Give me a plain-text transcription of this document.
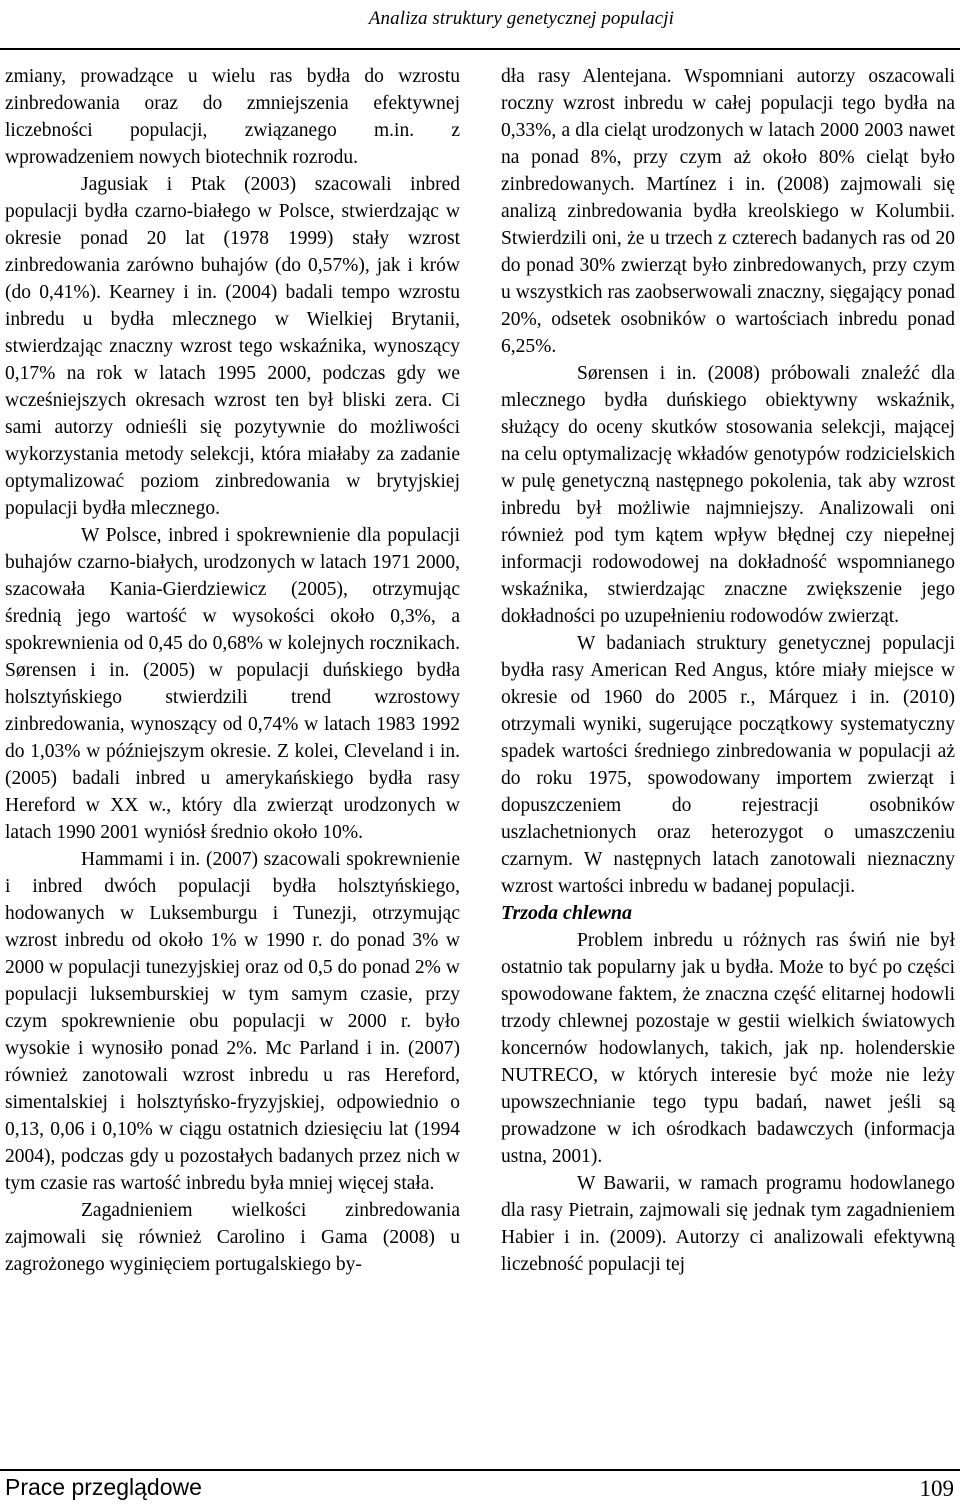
Analiza struktury genetycznej populacji

zmiany, prowadzące u wielu ras bydła do wzrostu zinbredowania oraz do zmniejszenia efektywnej liczebności populacji, związanego m.in. z wprowadzeniem nowych biotechnik rozrodu.

Jagusiak i Ptak (2003) szacowali inbred populacji bydła czarno-białego w Polsce, stwierdzając w okresie ponad 20 lat (1978 1999) stały wzrost zinbredowania zarówno buhajów (do 0,57%), jak i krów (do 0,41%). Kearney i in. (2004) badali tempo wzrostu inbredu u bydła mlecznego w Wielkiej Brytanii, stwierdzając znaczny wzrost tego wskaźnika, wynoszący 0,17% na rok w latach 1995 2000, podczas gdy we wcześniejszych okresach wzrost ten był bliski zera. Ci sami autorzy odnieśli się pozytywnie do możliwości wykorzystania metody selekcji, która miałaby za zadanie optymalizować poziom zinbredowania w brytyjskiej populacji bydła mlecznego.

W Polsce, inbred i spokrewnienie dla populacji buhajów czarno-białych, urodzonych w latach 1971 2000, szacowała Kania-Gierdziewicz (2005), otrzymując średnią jego wartość w wysokości około 0,3%, a spokrewnienia od 0,45 do 0,68% w kolejnych rocznikach. Sørensen i in. (2005) w populacji duńskiego bydła holsztyńskiego stwierdzili trend wzrostowy zinbredowania, wynoszący od 0,74% w latach 1983 1992 do 1,03% w późniejszym okresie. Z kolei, Cleveland i in. (2005) badali inbred u amerykańskiego bydła rasy Hereford w XX w., który dla zwierząt urodzonych w latach 1990 2001 wyniósł średnio około 10%.

Hammami i in. (2007) szacowali spokrewnienie i inbred dwóch populacji bydła holsztyńskiego, hodowanych w Luksemburgu i Tunezji, otrzymując wzrost inbredu od około 1% w 1990 r. do ponad 3% w 2000 w populacji tunezyjskiej oraz od 0,5 do ponad 2% w populacji luksemburskiej w tym samym czasie, przy czym spokrewnienie obu populacji w 2000 r. było wysokie i wynosiło ponad 2%. Mc Parland i in. (2007) również zanotowali wzrost inbredu u ras Hereford, simentalskiej i holsztyńsko-fryzyjskiej, odpowiednio o 0,13, 0,06 i 0,10% w ciągu ostatnich dziesięciu lat (1994 2004), podczas gdy u pozostałych badanych przez nich w tym czasie ras wartość inbredu była mniej więcej stała.

Zagadnieniem wielkości zinbredowania zajmowali się również Carolino i Gama (2008) u zagrożonego wyginięciem portugalskiego by-

dła rasy Alentejana. Wspomniani autorzy oszacowali roczny wzrost inbredu w całej populacji tego bydła na 0,33%, a dla cieląt urodzonych w latach 2000 2003 nawet na ponad 8%, przy czym aż około 80% cieląt było zinbredowanych. Martínez i in. (2008) zajmowali się analizą zinbredowania bydła kreolskiego w Kolumbii. Stwierdzili oni, że u trzech z czterech badanych ras od 20 do ponad 30% zwierząt było zinbredowanych, przy czym u wszystkich ras zaobserwowali znaczny, sięgający ponad 20%, odsetek osobników o wartościach inbredu ponad 6,25%.

Sørensen i in. (2008) próbowali znaleźć dla mlecznego bydła duńskiego obiektywny wskaźnik, służący do oceny skutków stosowania selekcji, mającej na celu optymalizację wkładów genotypów rodzicielskich w pulę genetyczną następnego pokolenia, tak aby wzrost inbredu był możliwie najmniejszy. Analizowali oni również pod tym kątem wpływ błędnej czy niepełnej informacji rodowodowej na dokładność wspomnianego wskaźnika, stwierdzając znaczne zwiększenie jego dokładności po uzupełnieniu rodowodów zwierząt.

W badaniach struktury genetycznej populacji bydła rasy American Red Angus, które miały miejsce w okresie od 1960 do 2005 r., Márquez i in. (2010) otrzymali wyniki, sugerujące początkowy systematyczny spadek wartości średniego zinbredowania w populacji aż do roku 1975, spowodowany importem zwierząt i dopuszczeniem do rejestracji osobników uszlachetnionych oraz heterozygot o umaszczeniu czarnym. W następnych latach zanotowali nieznaczny wzrost wartości inbredu w badanej populacji.

Trzoda chlewna

Problem inbredu u różnych ras świń nie był ostatnio tak popularny jak u bydła. Może to być po części spowodowane faktem, że znaczna część elitarnej hodowli trzody chlewnej pozostaje w gestii wielkich światowych koncernów hodowlanych, takich, jak np. holenderskie NUTRECO, w których interesie być może nie leży upowszechnianie tego typu badań, nawet jeśli są prowadzone w ich ośrodkach badawczych (informacja ustna, 2001).

W Bawarii, w ramach programu hodowlanego dla rasy Pietrain, zajmowali się jednak tym zagadnieniem Habier i in. (2009). Autorzy ci analizowali efektywną liczebność populacji tej

Prace przeglądowe	109
